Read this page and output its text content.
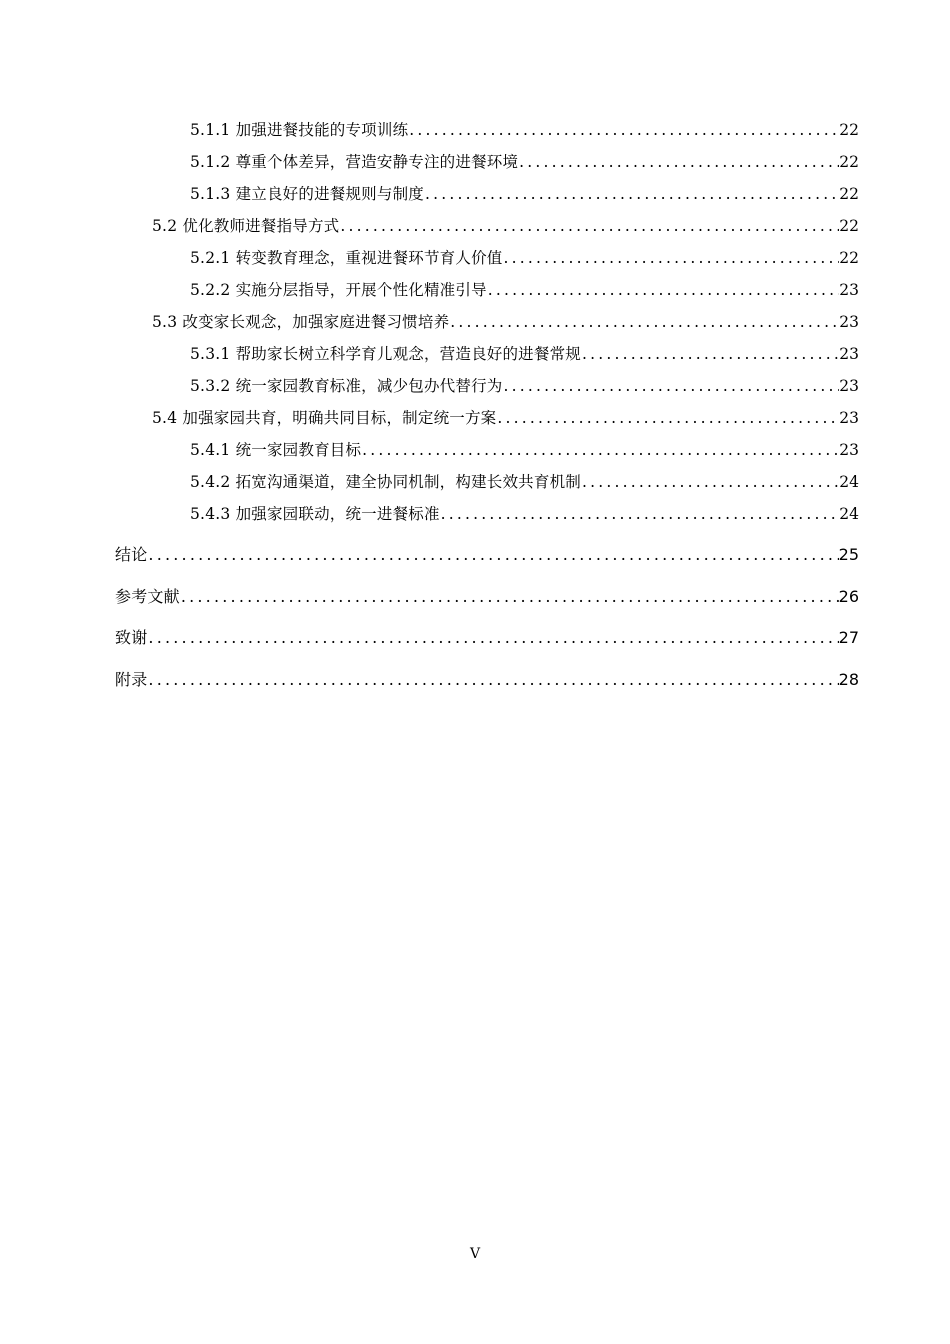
5.1.1 加强进餐技能的专项训练 .....	22
5.1.2 尊重个体差异，营造安静专注的进餐环境 .....	22
5.1.3 建立良好的进餐规则与制度 .....	22
5.2 优化教师进餐指导方式 .....	22
5.2.1 转变教育理念，重视进餐环节育人价值 .....	22
5.2.2 实施分层指导，开展个性化精准引导 .....	23
5.3 改变家长观念，加强家庭进餐习惯培养 .....	23
5.3.1 帮助家长树立科学育儿观念，营造良好的进餐常规 .....	23
5.3.2 统一家园教育标准，减少包办代替行为 .....	23
5.4 加强家园共育，明确共同目标，制定统一方案 .....	23
5.4.1 统一家园教育目标 .....	23
5.4.2 拓宽沟通渠道，建全协同机制，构建长效共育机制 .....	24
5.4.3 加强家园联动，统一进餐标准 .....	24
结论 .....	25
参考文献 .....	26
致谢 .....	27
附录 .....	28
V
